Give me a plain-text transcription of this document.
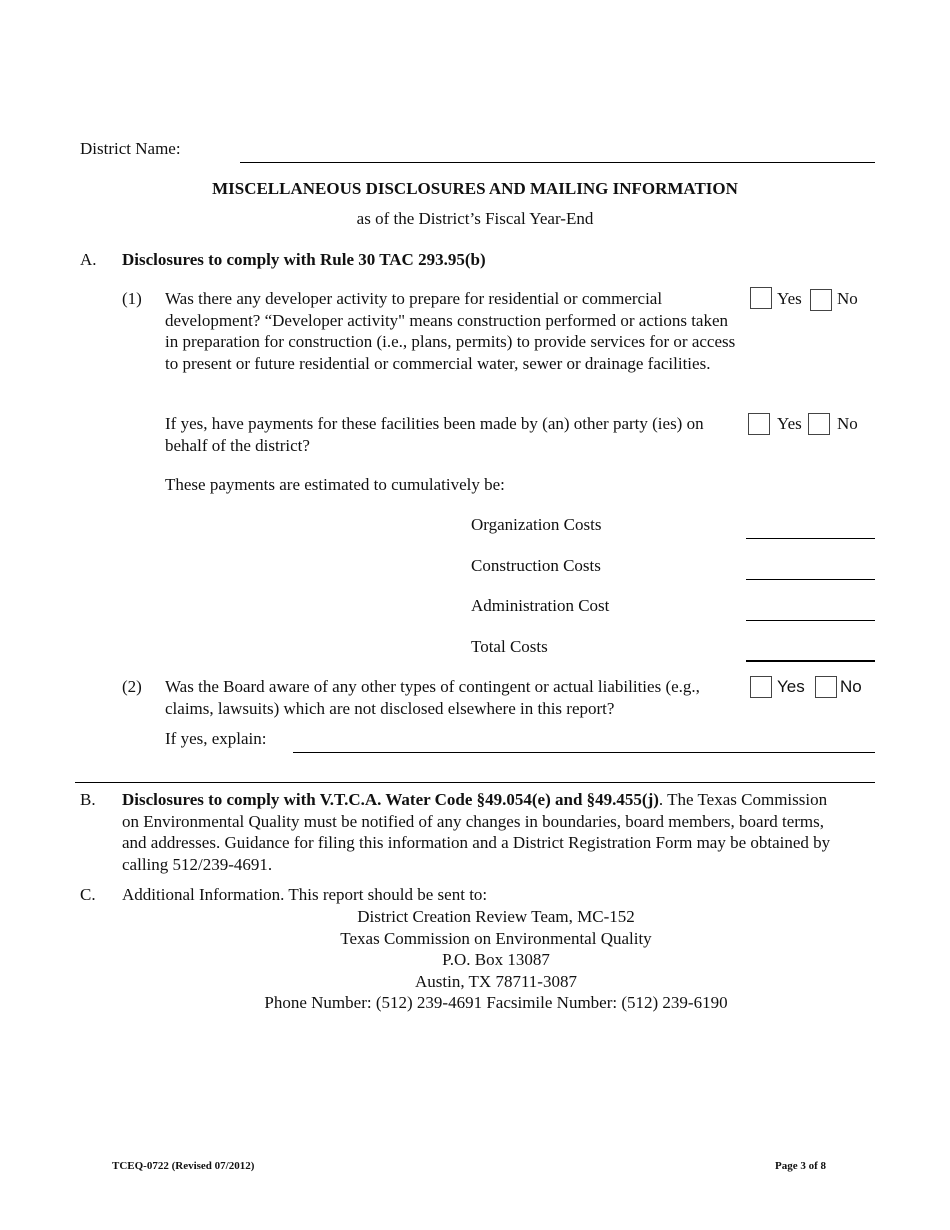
District Name:
MISCELLANEOUS DISCLOSURES AND MAILING INFORMATION
as of the District’s Fiscal Year-End
A. Disclosures to comply with Rule 30 TAC 293.95(b)
(1) Was there any developer activity to prepare for residential or commercial development? “Developer activity" means construction performed or actions taken in preparation for construction (i.e., plans, permits) to provide services for or access to present or future residential or commercial water, sewer or drainage facilities.
Yes No
If yes, have payments for these facilities been made by (an) other party (ies) on behalf of the district?
Yes No
These payments are estimated to cumulatively be:
Organization Costs
Construction Costs
Administration Cost
Total Costs
(2) Was the Board aware of any other types of contingent or actual liabilities (e.g., claims, lawsuits) which are not disclosed elsewhere in this report?
Yes No
If yes, explain:
B. Disclosures to comply with V.T.C.A. Water Code §49.054(e) and §49.455(j). The Texas Commission on Environmental Quality must be notified of any changes in boundaries, board members, board terms, and addresses. Guidance for filing this information and a District Registration Form may be obtained by calling 512/239-4691.
C. Additional Information. This report should be sent to:
District Creation Review Team, MC-152
Texas Commission on Environmental Quality
P.O. Box 13087
Austin, TX 78711-3087
Phone Number: (512) 239-4691 Facsimile Number: (512) 239-6190
TCEQ-0722 (Revised 07/2012)	Page 3 of 8
